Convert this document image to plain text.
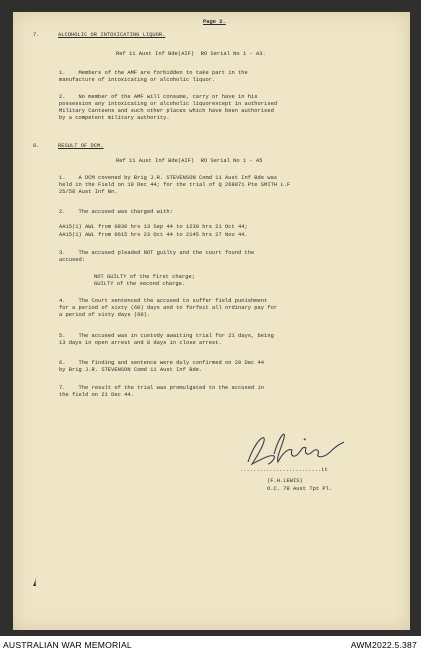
Page 2.
7.	ALCOHOLIC OR INTOXICATING LIQUOR.
Ref 11 Aust Inf Bde(AIF)  RO Serial No 1 - A3.
1.    Members of the AMF are forbidden to take part in the
manufacture of intoxicating or alcoholic liquor.
2.    No member of the AMF will consume, carry or have in his
possession any intoxicating or alcoholic liquorexcept in authorised
Military Canteens and such other places which have been authorised
by a competent military authority.
8.	RESULT OF DCM.
Ref 11 Aust Inf Bde(AIF)  RO Serial No 1 - A5
1.    A DCM covened by Brig J.R. STEVENSON Comd 11 Aust Inf Bde was
held in the Field on 19 Dec 44; for the trial of Q 268871 Pte SMITH L.F
25/58 Aust Inf Bn.
2.    The accused was charged with:
AA15(1) AWL from 0830 hrs 13 Sep 44 to 1230 hrs 21 Oct 44;
AA15(1) AWL from 0615 hrs 23 Oct 44 to 2145 hrs 27 Nov 44.
3.    The accused pleaded NOT guilty and the court found the
accused:
NOT GUILTY of the first charge;
GUILTY of the second charge.
4.    The Court sentenced the accused to suffer field punishment
for a period of sixty (60) days and to forfeit all ordinary pay for
a period of sixty days (60).
5.    The accused was in custody awaiting trial for 21 days, being
13 days in open arrest and 8 days in close arrest.
6.    The finding and sentence were duly confirmed on 20 Dec 44
by Brig J.R. STEVENSON Comd 11 Aust Inf Bde.
7.    The result of the trial was promulgated to the accused in
the field on 21 Dec 44.
.........................Lt
(F.H.LEWIS)
O.C. 78 Aust Tpt Pl.
AUSTRALIAN WAR MEMORIAL	AWM2022.5.387
